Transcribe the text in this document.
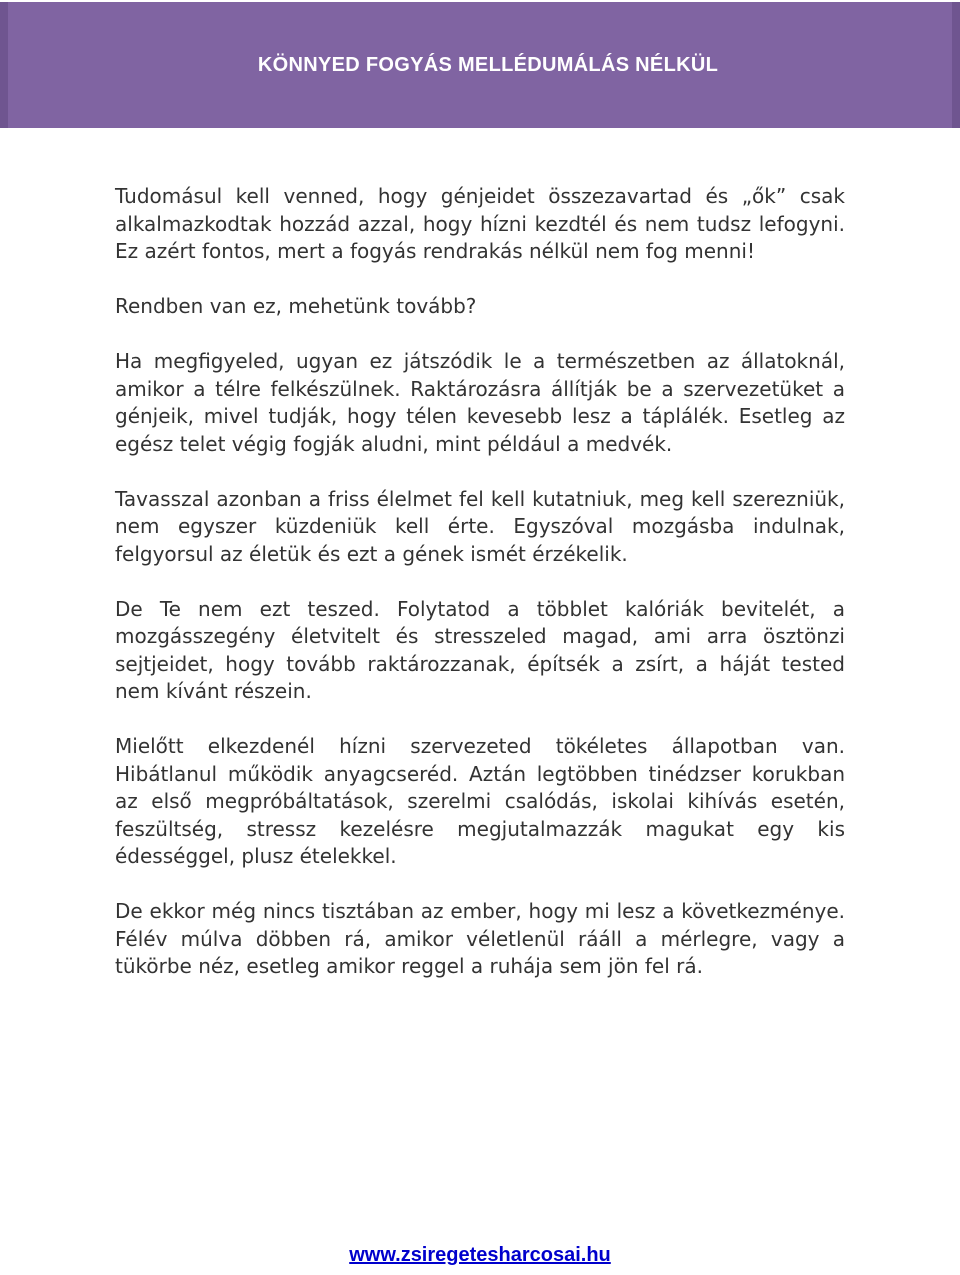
KÖNNYED FOGYÁS MELLÉDUMÁLÁS NÉLKÜL

Tudomásul kell venned, hogy génjeidet összezavartad és „ők” csak alkalmazkodtak hozzád azzal, hogy hízni kezdtél és nem tudsz lefogyni. Ez azért fontos, mert a fogyás rendrakás nélkül nem fog menni!

Rendben van ez, mehetünk tovább?

Ha megfigyeled, ugyan ez játszódik le a természetben az állatoknál, amikor a télre felkészülnek. Raktározásra állítják be a szervezetüket a génjeik, mivel tudják, hogy télen kevesebb lesz a táplálék. Esetleg az egész telet végig fogják aludni, mint például a medvék.

Tavasszal azonban a friss élelmet fel kell kutatniuk, meg kell szerezniük, nem egyszer küzdeniük kell érte. Egyszóval mozgásba indulnak, felgyorsul az életük és ezt a gének ismét érzékelik.

De Te nem ezt teszed. Folytatod a többlet kalóriák bevitelét, a mozgásszegény életvitelt és stresszeled magad, ami arra ösztönzi sejtjeidet, hogy tovább raktározzanak, építsék a zsírt, a háját tested nem kívánt részein.

Mielőtt elkezdenél hízni szervezeted tökéletes állapotban van. Hibátlanul működik anyagcseréd. Aztán legtöbben tinédzser korukban az első megpróbáltatások, szerelmi csalódás, iskolai kihívás esetén, feszültség, stressz kezelésre megjutalmazzák magukat egy kis édességgel, plusz ételekkel.

De ekkor még nincs tisztában az ember, hogy mi lesz a következménye. Félév múlva döbben rá, amikor véletlenül rááll a mérlegre, vagy a tükörbe néz, esetleg amikor reggel a ruhája sem jön fel rá.

www.zsiregetesharcosai.hu
